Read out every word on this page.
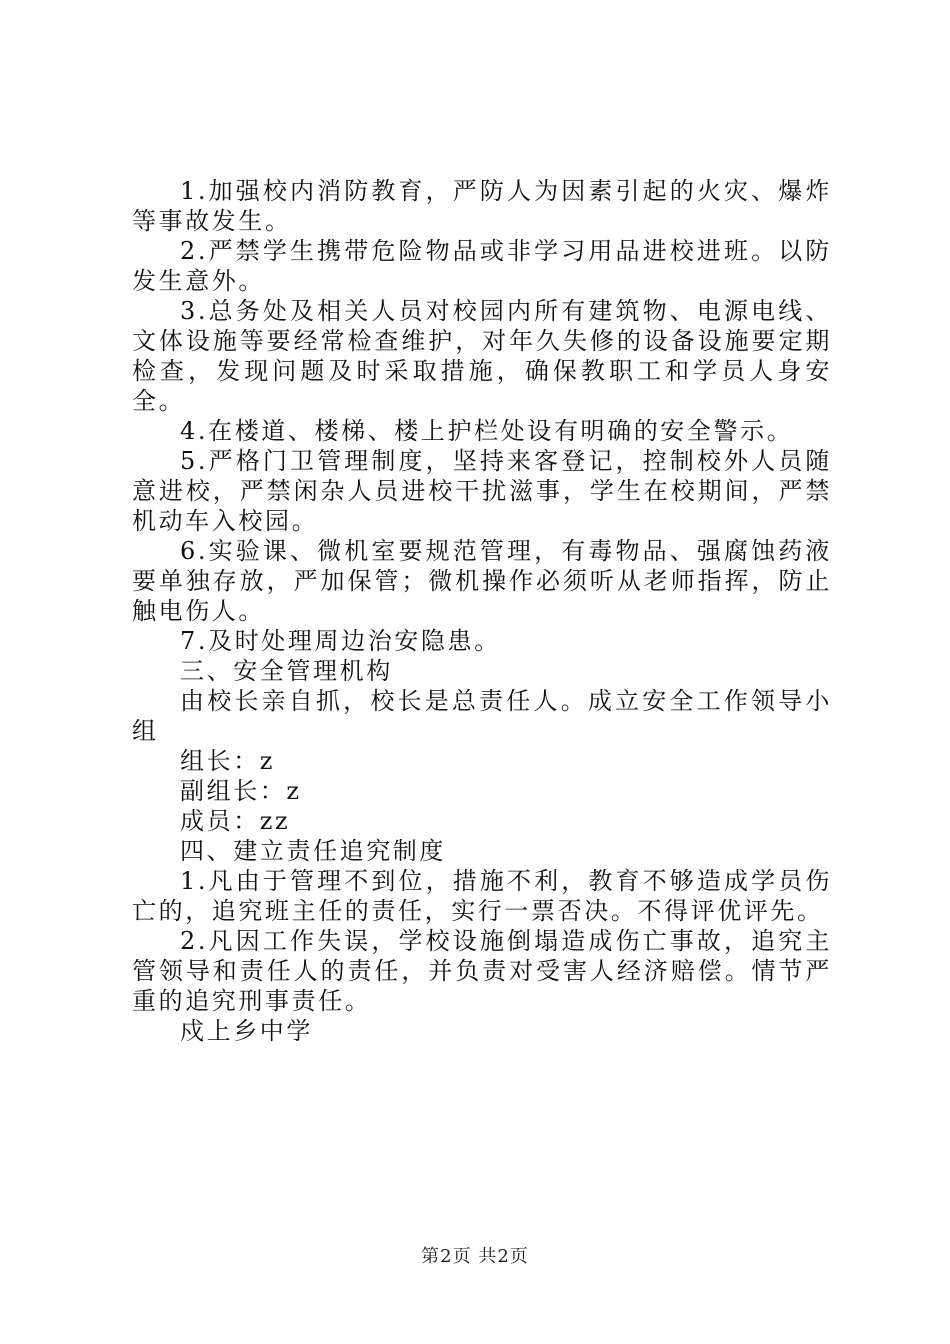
1.加强校内消防教育，严防人为因素引起的火灾、爆炸等事故发生。

2.严禁学生携带危险物品或非学习用品进校进班。以防发生意外。

3.总务处及相关人员对校园内所有建筑物、电源电线、文体设施等要经常检查维护，对年久失修的设备设施要定期检查，发现问题及时采取措施，确保教职工和学员人身安全。

4.在楼道、楼梯、楼上护栏处设有明确的安全警示。

5.严格门卫管理制度，坚持来客登记，控制校外人员随意进校，严禁闲杂人员进校干扰滋事，学生在校期间，严禁机动车入校园。

6.实验课、微机室要规范管理，有毒物品、强腐蚀药液要单独存放，严加保管；微机操作必须听从老师指挥，防止触电伤人。

7.及时处理周边治安隐患。

三、安全管理机构

由校长亲自抓，校长是总责任人。成立安全工作领导小组

组长：z

副组长：z

成员：zz

四、建立责任追究制度

1.凡由于管理不到位，措施不利，教育不够造成学员伤亡的，追究班主任的责任，实行一票否决。不得评优评先。

2.凡因工作失误，学校设施倒塌造成伤亡事故，追究主管领导和责任人的责任，并负责对受害人经济赔偿。情节严重的追究刑事责任。

戍上乡中学

第2页 共2页
